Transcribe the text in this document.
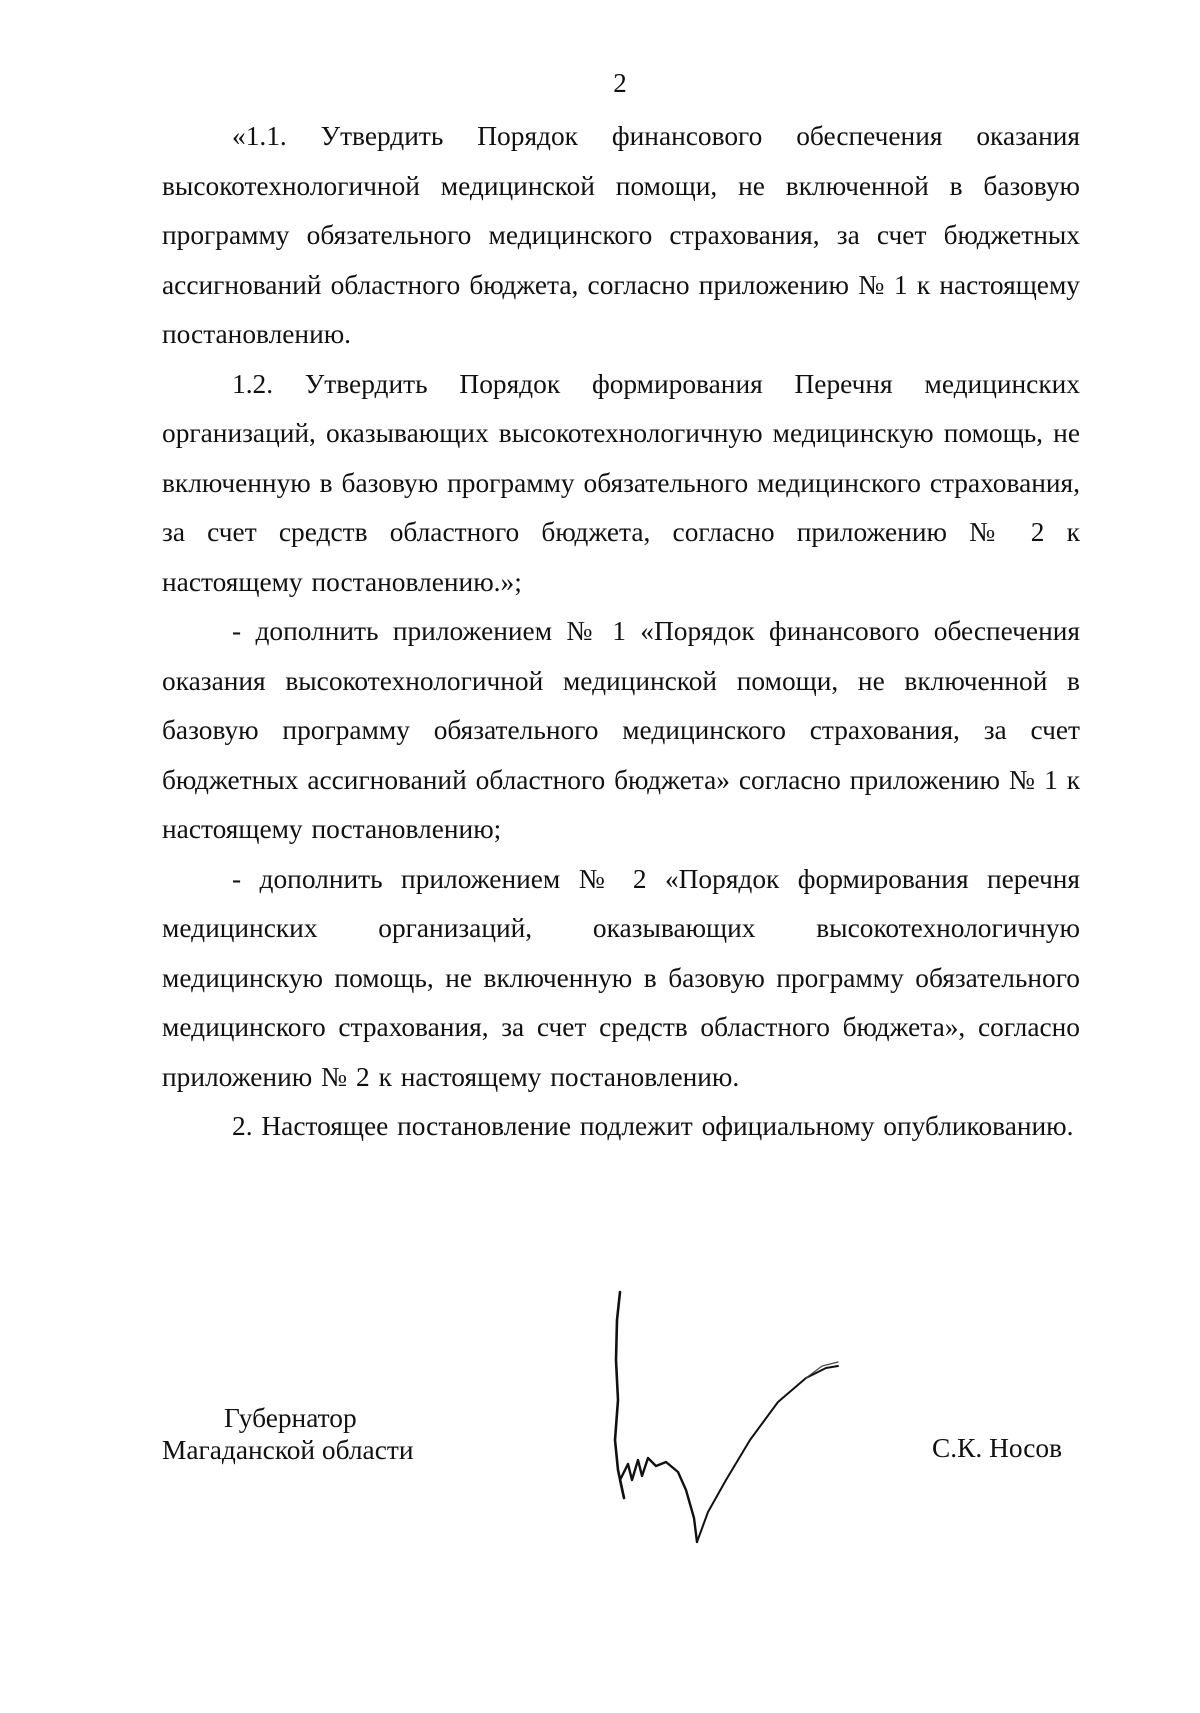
2

«1.1. Утвердить Порядок финансового обеспечения оказания высокотехнологичной медицинской помощи, не включенной в базовую программу обязательного медицинского страхования, за счет бюджетных ассигнований областного бюджета, согласно приложению № 1 к настоящему постановлению.

1.2. Утвердить Порядок формирования Перечня медицинских организаций, оказывающих высокотехнологичную медицинскую помощь, не включенную в базовую программу обязательного медицинского страхования, за счет средств областного бюджета, согласно приложению № 2 к настоящему постановлению.»;

- дополнить приложением № 1 «Порядок финансового обеспечения оказания высокотехнологичной медицинской помощи, не включенной в базовую программу обязательного медицинского страхования, за счет бюджетных ассигнований областного бюджета» согласно приложению № 1 к настоящему постановлению;

- дополнить приложением № 2 «Порядок формирования перечня медицинских организаций, оказывающих высокотехнологичную медицинскую помощь, не включенную в базовую программу обязательного медицинского страхования, за счет средств областного бюджета», согласно приложению № 2 к настоящему постановлению.

2. Настоящее постановление подлежит официальному опубликованию.

Губернатор
Магаданской области	С.К. Носов
